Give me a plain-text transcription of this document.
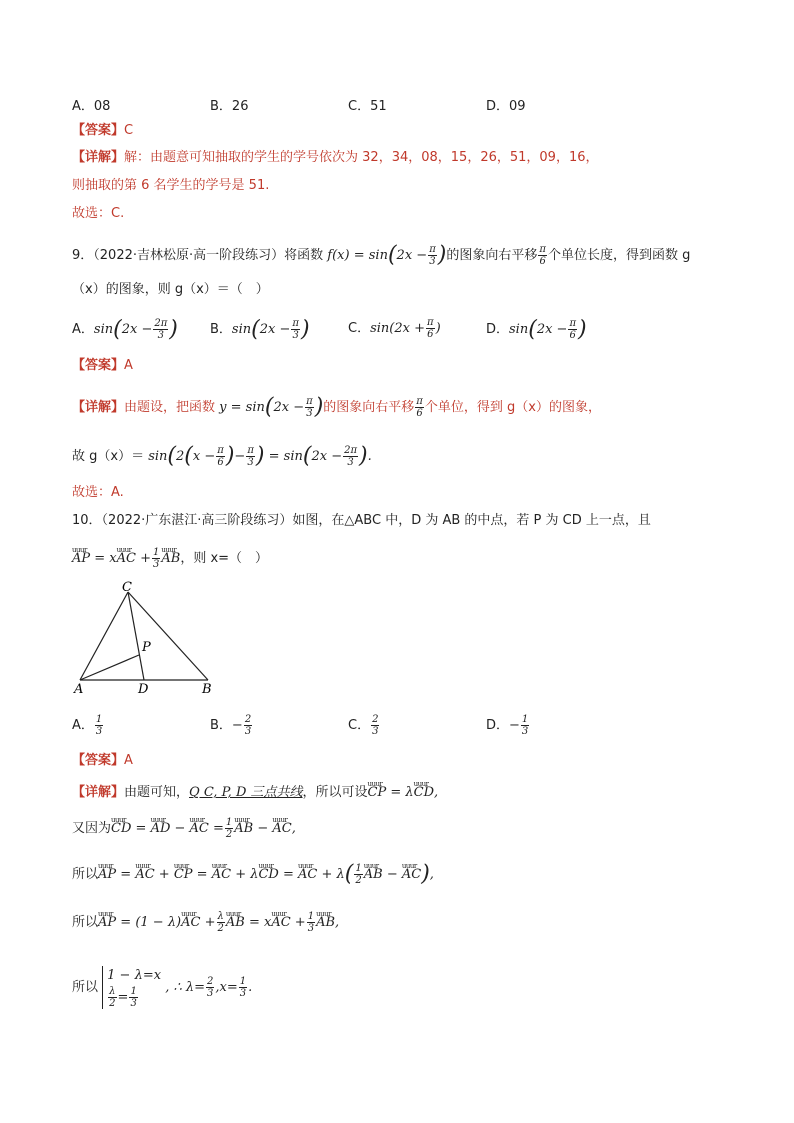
A．08	B．26	C．51	D．09
【答案】C
【详解】解：由题意可知抽取的学生的学号依次为 32，34，08，15，26，51，09，16，
则抽取的第 6 名学生的学号是 51.
故选：C.
9．（2022·吉林松原·高一阶段练习）将函数 $f(x) = \sin(2x - \frac{\pi}{3}$ )的图象向右平移 $\frac{\pi}{6}$ 个单位长度，得到函数 g
（x）的图象，则 g（x）＝（　）
A．$\sin(2x - \frac{2\pi}{3}$ ) B．$\sin(2x - \frac{\pi}{3}$ )	C．$\sin(2x + \frac{\pi}{6}$ )	D．$\sin(2x - \frac{\pi}{6}$ )
【答案】A
【详解】由题设，把函数 $y = \sin(2x - \frac{\pi}{3}$ )的图象向右平移 $\frac{\pi}{6}$ 个单位，得到 g（x）的图象，
故 $g(x)= \sin(2(x - \frac{\pi}{6}$ )− $\frac{\pi}{3}$ ) = $\sin(2x - \frac{2\pi}{3}$ ).
故选：A.
10．（2022·广东湛江·高三阶段练习）如图，在△ABC 中，D 为 AB 的中点，若 P 为 CD 上一点，且
uuur AP = xuuur AC + $\frac{1}{3}$ uuur AB，则 x=（　）
C
P
A	D	B
A． $\frac{1}{3}$	B．− $\frac{2}{3}$	C． $\frac{2}{3}$	D．− $\frac{1}{3}$
【答案】A
【详解】由题可知，Q C, P, D 三点共线，所以可设uuur CP = λuuur CD,
又因为uuur CD = uuur AD − uuur AC = $\frac{1}{2}$ uuur AB − uuur AC,
所以uuur AP = uuur AC + uuur CP = uuur AC + λuuur CD = uuur AC + $\lambda( \frac{1}{2}$ uuur AB − uuur AC),
所以uuur AP = (1 − λ)uuur AC + $\frac{\lambda}{2}$ uuur AB = xuuur AC + $\frac{1}{3}$ uuur AB,
所以
1 − λ=x
$\frac{\lambda}{2} = \frac{1}{3}$ , ∴ $\lambda= \frac{2}{3} ,x= \frac{1}{3}$ .
